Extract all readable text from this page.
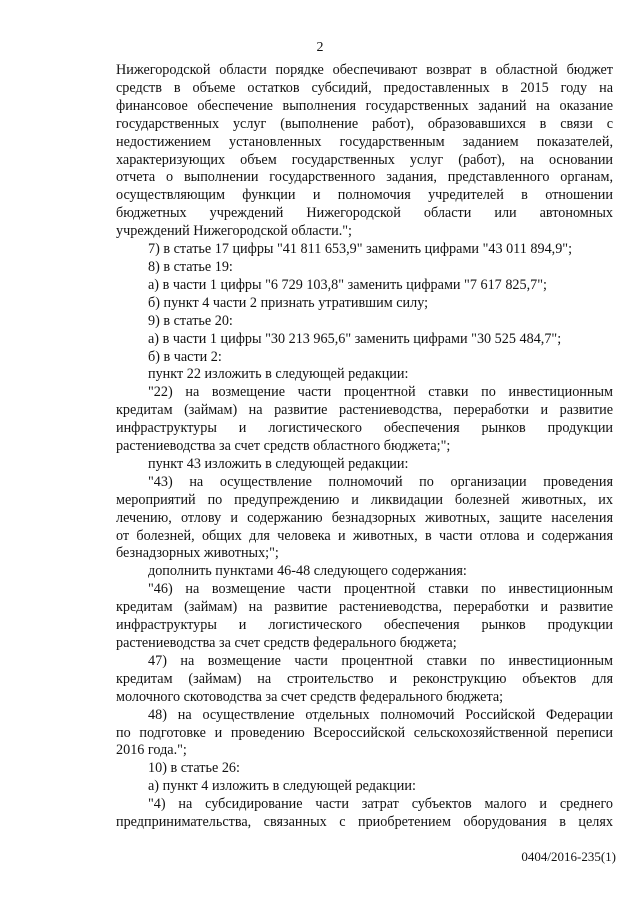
2
Нижегородской области порядке обеспечивают возврат в областной бюджет
средств в объеме остатков субсидий, предоставленных в 2015 году на
финансовое обеспечение выполнения государственных заданий на оказание
государственных услуг (выполнение работ), образовавшихся в связи с
недостижением установленных государственным заданием показателей,
характеризующих объем государственных услуг (работ), на основании
отчета о выполнении государственного задания, представленного органам,
осуществляющим функции и полномочия учредителей в отношении
бюджетных учреждений Нижегородской области или автономных
учреждений Нижегородской области.";
7) в статье 17 цифры "41 811 653,9" заменить цифрами "43 011 894,9";
8) в статье 19:
а) в части 1 цифры "6 729 103,8" заменить цифрами "7 617 825,7";
б) пункт 4 части 2 признать утратившим силу;
9) в статье 20:
а) в части 1 цифры "30 213 965,6" заменить цифрами "30 525 484,7";
б) в части 2:
пункт 22 изложить в следующей редакции:
"22) на возмещение части процентной ставки по инвестиционным
кредитам (займам) на развитие растениеводства, переработки и развитие
инфраструктуры и логистического обеспечения рынков продукции
растениеводства за счет средств областного бюджета;";
пункт 43 изложить в следующей редакции:
"43) на осуществление полномочий по организации проведения
мероприятий по предупреждению и ликвидации болезней животных, их
лечению, отлову и содержанию безнадзорных животных, защите населения
от болезней, общих для человека и животных, в части отлова и содержания
безнадзорных животных;";
дополнить пунктами 46-48 следующего содержания:
"46) на возмещение части процентной ставки по инвестиционным
кредитам (займам) на развитие растениеводства, переработки и развитие
инфраструктуры и логистического обеспечения рынков продукции
растениеводства за счет средств федерального бюджета;
47) на возмещение части процентной ставки по инвестиционным
кредитам (займам) на строительство и реконструкцию объектов для
молочного скотоводства за счет средств федерального бюджета;
48) на осуществление отдельных полномочий Российской Федерации
по подготовке и проведению Всероссийской сельскохозяйственной переписи
2016 года.";
10) в статье 26:
а) пункт 4 изложить в следующей редакции:
"4) на субсидирование части затрат субъектов малого и среднего
предпринимательства, связанных с приобретением оборудования в целях
0404/2016-235(1)
